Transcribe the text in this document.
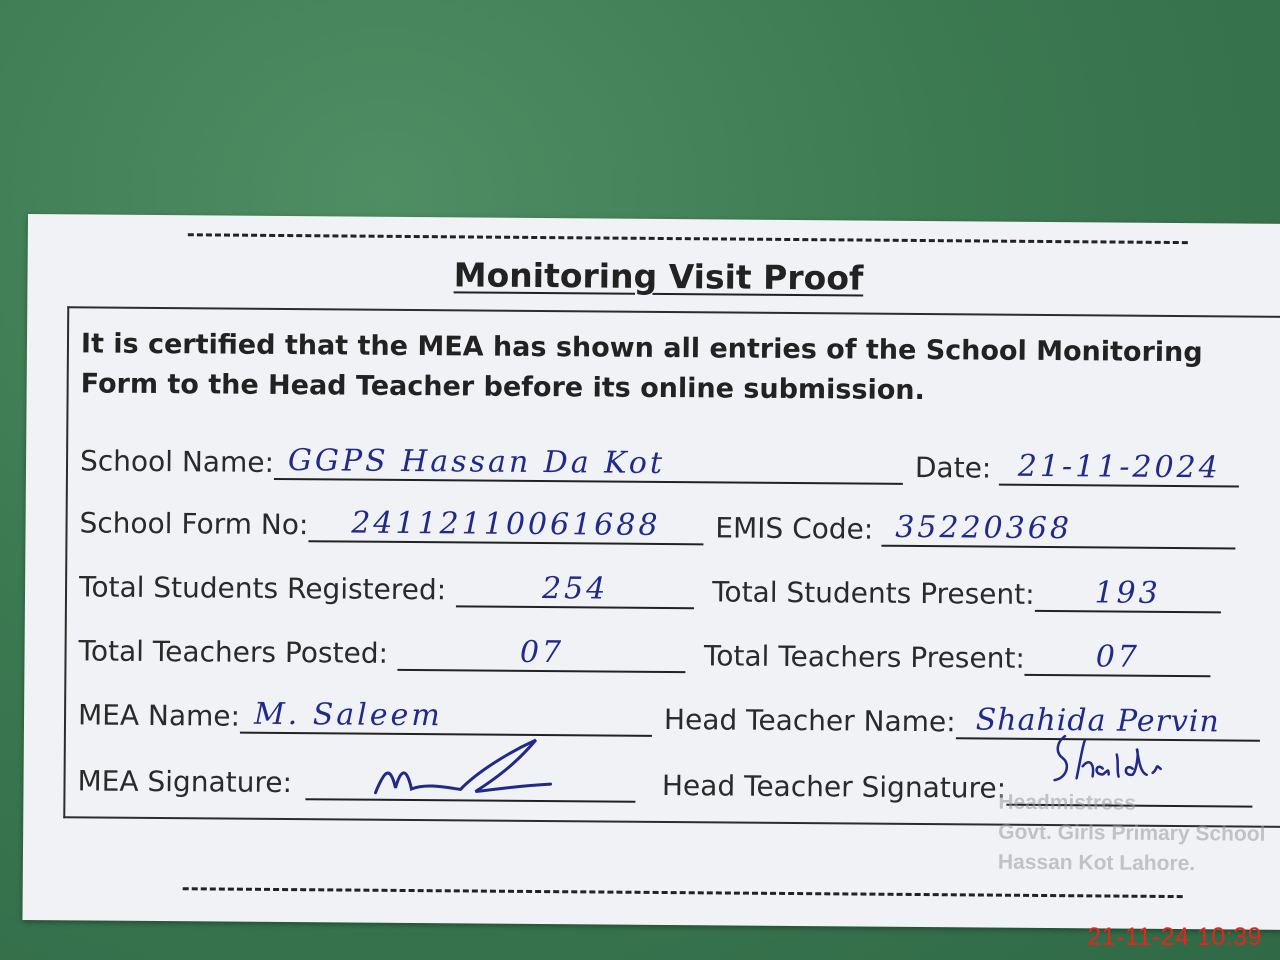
Monitoring Visit Proof
It is certified that the MEA has shown all entries of the School Monitoring Form to the Head Teacher before its online submission.
School Name: GGPS Hassan Da Kot	Date: 21-11-2024
School Form No:	24112110061688	EMIS Code: 35220368
Total Students Registered:	254	Total Students Present:	193
Total Teachers Posted:	07	Total Teachers Present:	07
MEA Name: M. Saleem	Head Teacher Name: Shahida Pervin
MEA Signature:	Head Teacher Signature:
Headmistress
Govt. Girls Primary School
Hassan Kot Lahore.
21-11-24 10:39
